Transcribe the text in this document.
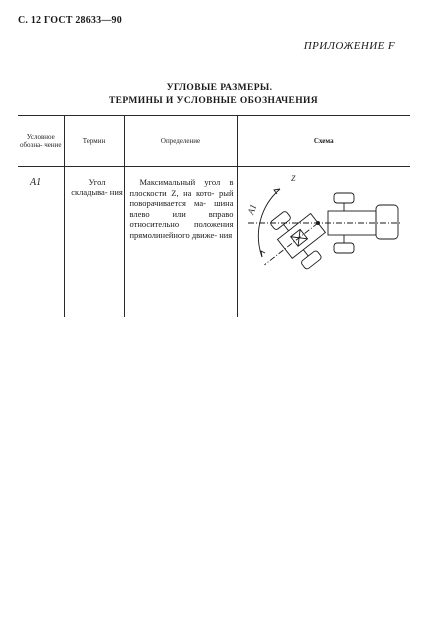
С. 12 ГОСТ 28633—90
ПРИЛОЖЕНИЕ F
УГЛОВЫЕ РАЗМЕРЫ.
ТЕРМИНЫ И УСЛОВНЫЕ ОБОЗНАЧЕНИЯ
Условное обозна- чение	Термин	Определение	Схема

A1	Угол складыва- ния	Максимальный угол в плоскости Z, на кото- рый поворачивается ма- шина влево или вправо относительно положения прямолинейного движе- ния	A1
Z
